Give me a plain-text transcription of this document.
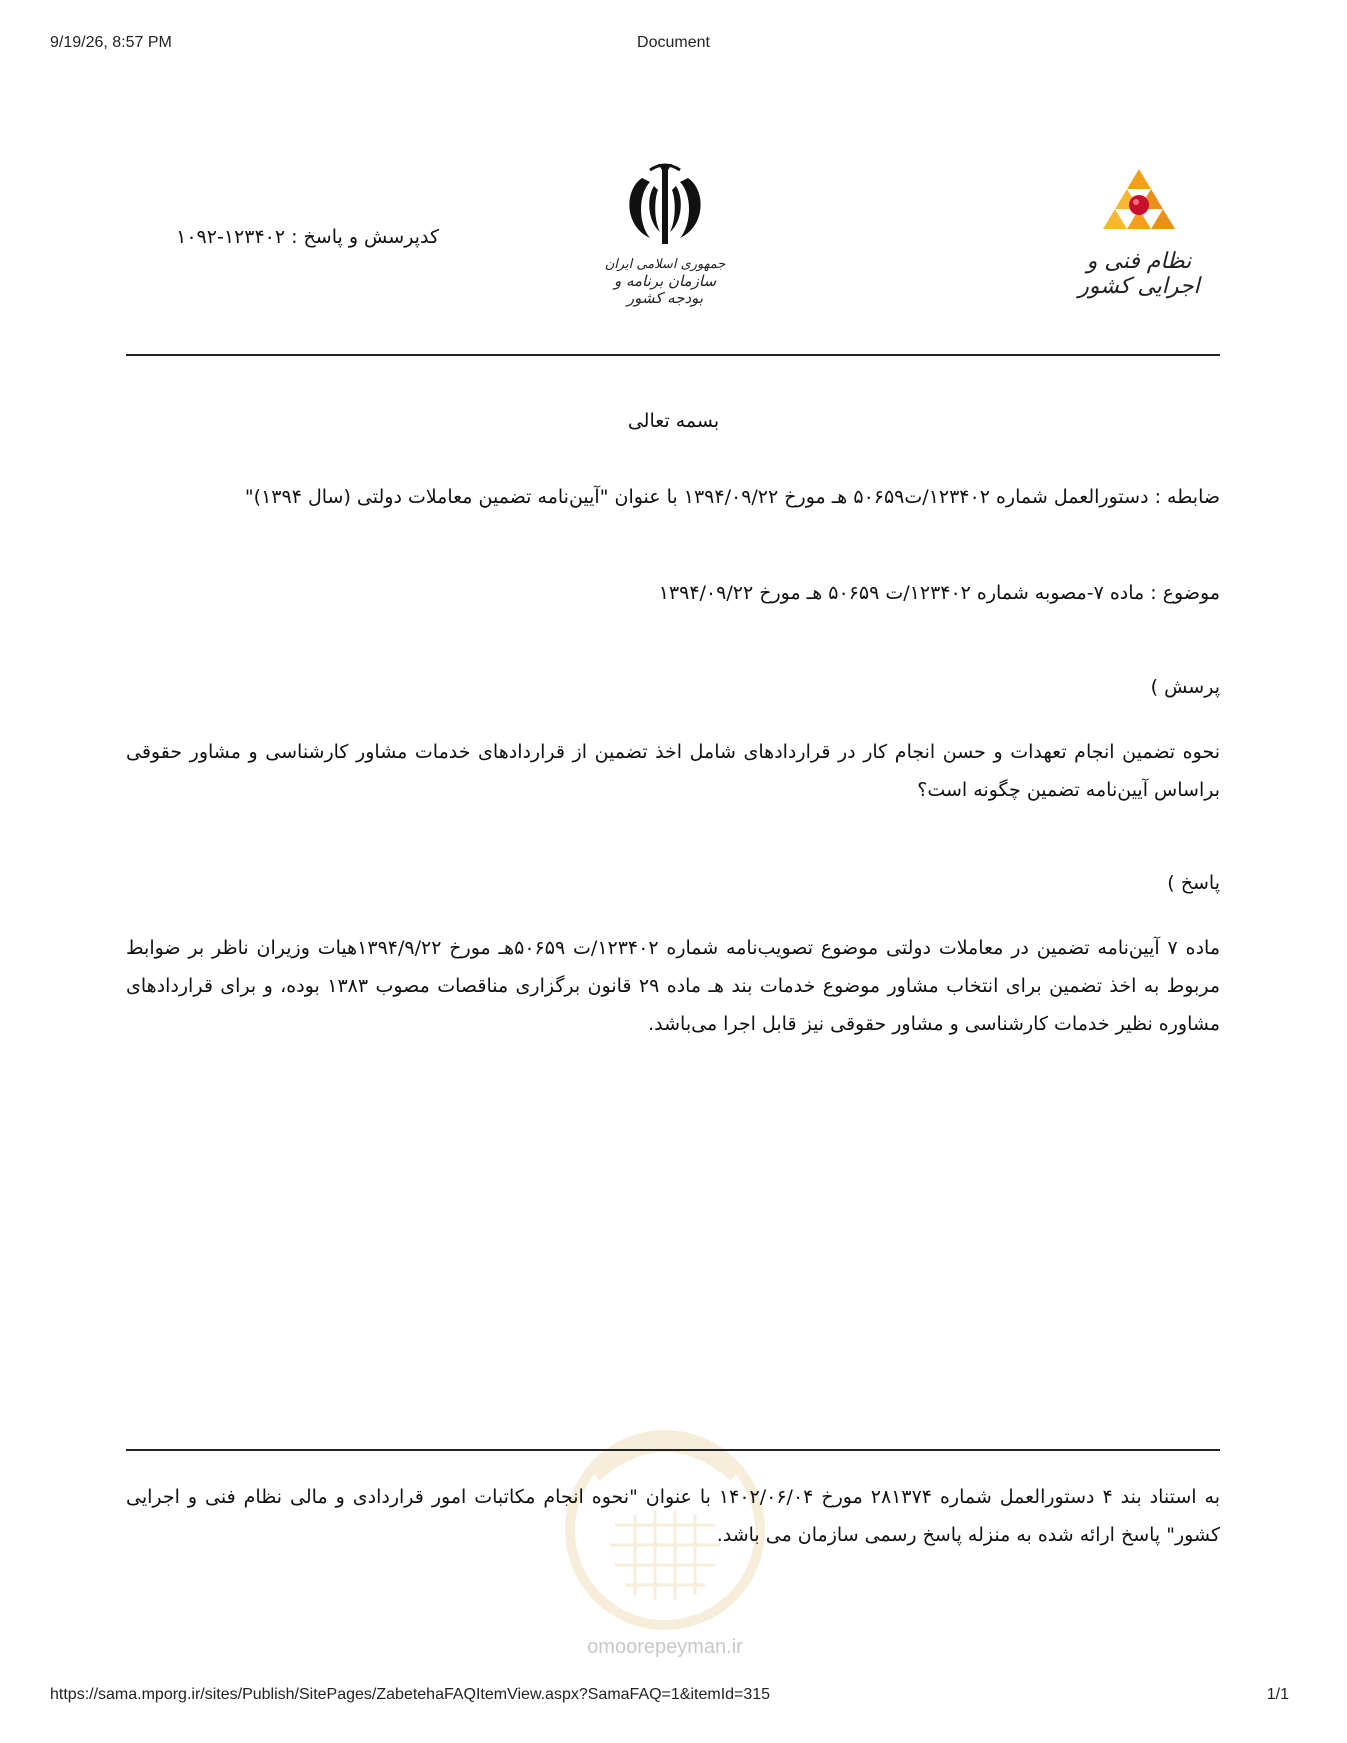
9/19/26, 8:57 PM	Document
کدپرسش و پاسخ : ۱۲۳۴۰۲-۱۰۹۲
جمهوری اسلامی ایران
سازمان برنامه و بودجه کشور
نظام فنی و اجرایی کشور
بسمه تعالی
ضابطه : دستورالعمل شماره ۱۲۳۴۰۲/ت۵۰۶۵۹ هـ مورخ ۱۳۹۴/۰۹/۲۲ با عنوان "آیین‌نامه تضمین معاملات دولتی (سال ۱۳۹۴)"
موضوع : ماده ۷-مصوبه شماره ۱۲۳۴۰۲/ت ۵۰۶۵۹ هـ مورخ ۱۳۹۴/۰۹/۲۲
پرسش )
نحوه تضمین انجام تعهدات و حسن انجام کار در قراردادهای شامل اخذ تضمین از قراردادهای خدمات مشاور کارشناسی و مشاور حقوقی براساس آیین‌نامه تضمین چگونه است؟
پاسخ )
ماده ۷ آیین‌نامه تضمین در معاملات دولتی موضوع تصویب‌نامه شماره ۱۲۳۴۰۲/ت ۵۰۶۵۹هـ مورخ ۱۳۹۴/۹/۲۲هیات وزیران ناظر بر ضوابط مربوط به اخذ تضمین برای انتخاب مشاور موضوع خدمات بند هـ ماده ۲۹ قانون برگزاری مناقصات مصوب ۱۳۸۳ بوده، و برای قراردادهای مشاوره نظیر خدمات کارشناسی و مشاور حقوقی نیز قابل اجرا می‌باشد.
omoorepeyman.ir
به استناد بند ۴ دستورالعمل شماره ۲۸۱۳۷۴ مورخ ۱۴۰۲/۰۶/۰۴ با عنوان "نحوه انجام مکاتبات امور قراردادی و مالی نظام فنی و اجرایی کشور" پاسخ ارائه شده به منزله پاسخ رسمی سازمان می باشد.
https://sama.mporg.ir/sites/Publish/SitePages/ZabetehaFAQItemView.aspx?SamaFAQ=1&itemId=315	1/1
